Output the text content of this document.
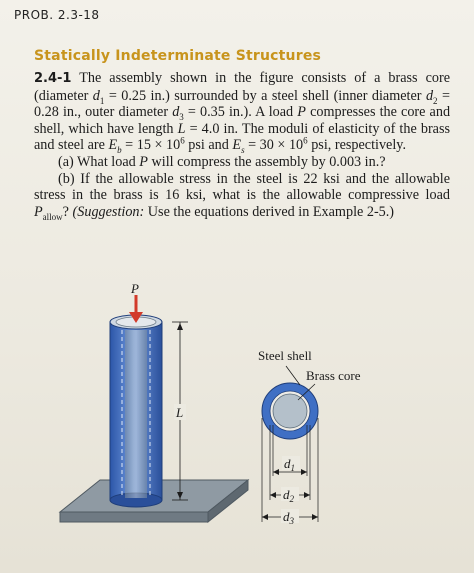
PROB. 2.3-18
Statically Indeterminate Structures

2.4-1 The assembly shown in the figure consists of a brass core (diameter $d_1 = 0.25$ in.) surrounded by a steel shell (inner diameter $d_2 = 0.28$ in., outer diameter $d_3 = 0.35$ in.). A load P compresses the core and shell, which have length L = 4.0 in. The moduli of elasticity of the brass and steel are $E_b = 15 \times 10^6$ psi and $E_s = 30 \times 10^6$ psi, respectively.

(a) What load P will compress the assembly by 0.003 in.?

(b) If the allowable stress in the steel is 22 ksi and the allowable stress in the brass is 16 ksi, what is the allowable compressive load $P_{allow}$? (Suggestion: Use the equations derived in Example 2-5.)

P
L
Steel shell
Brass core
$d_1$
$d_2$
$d_3$
